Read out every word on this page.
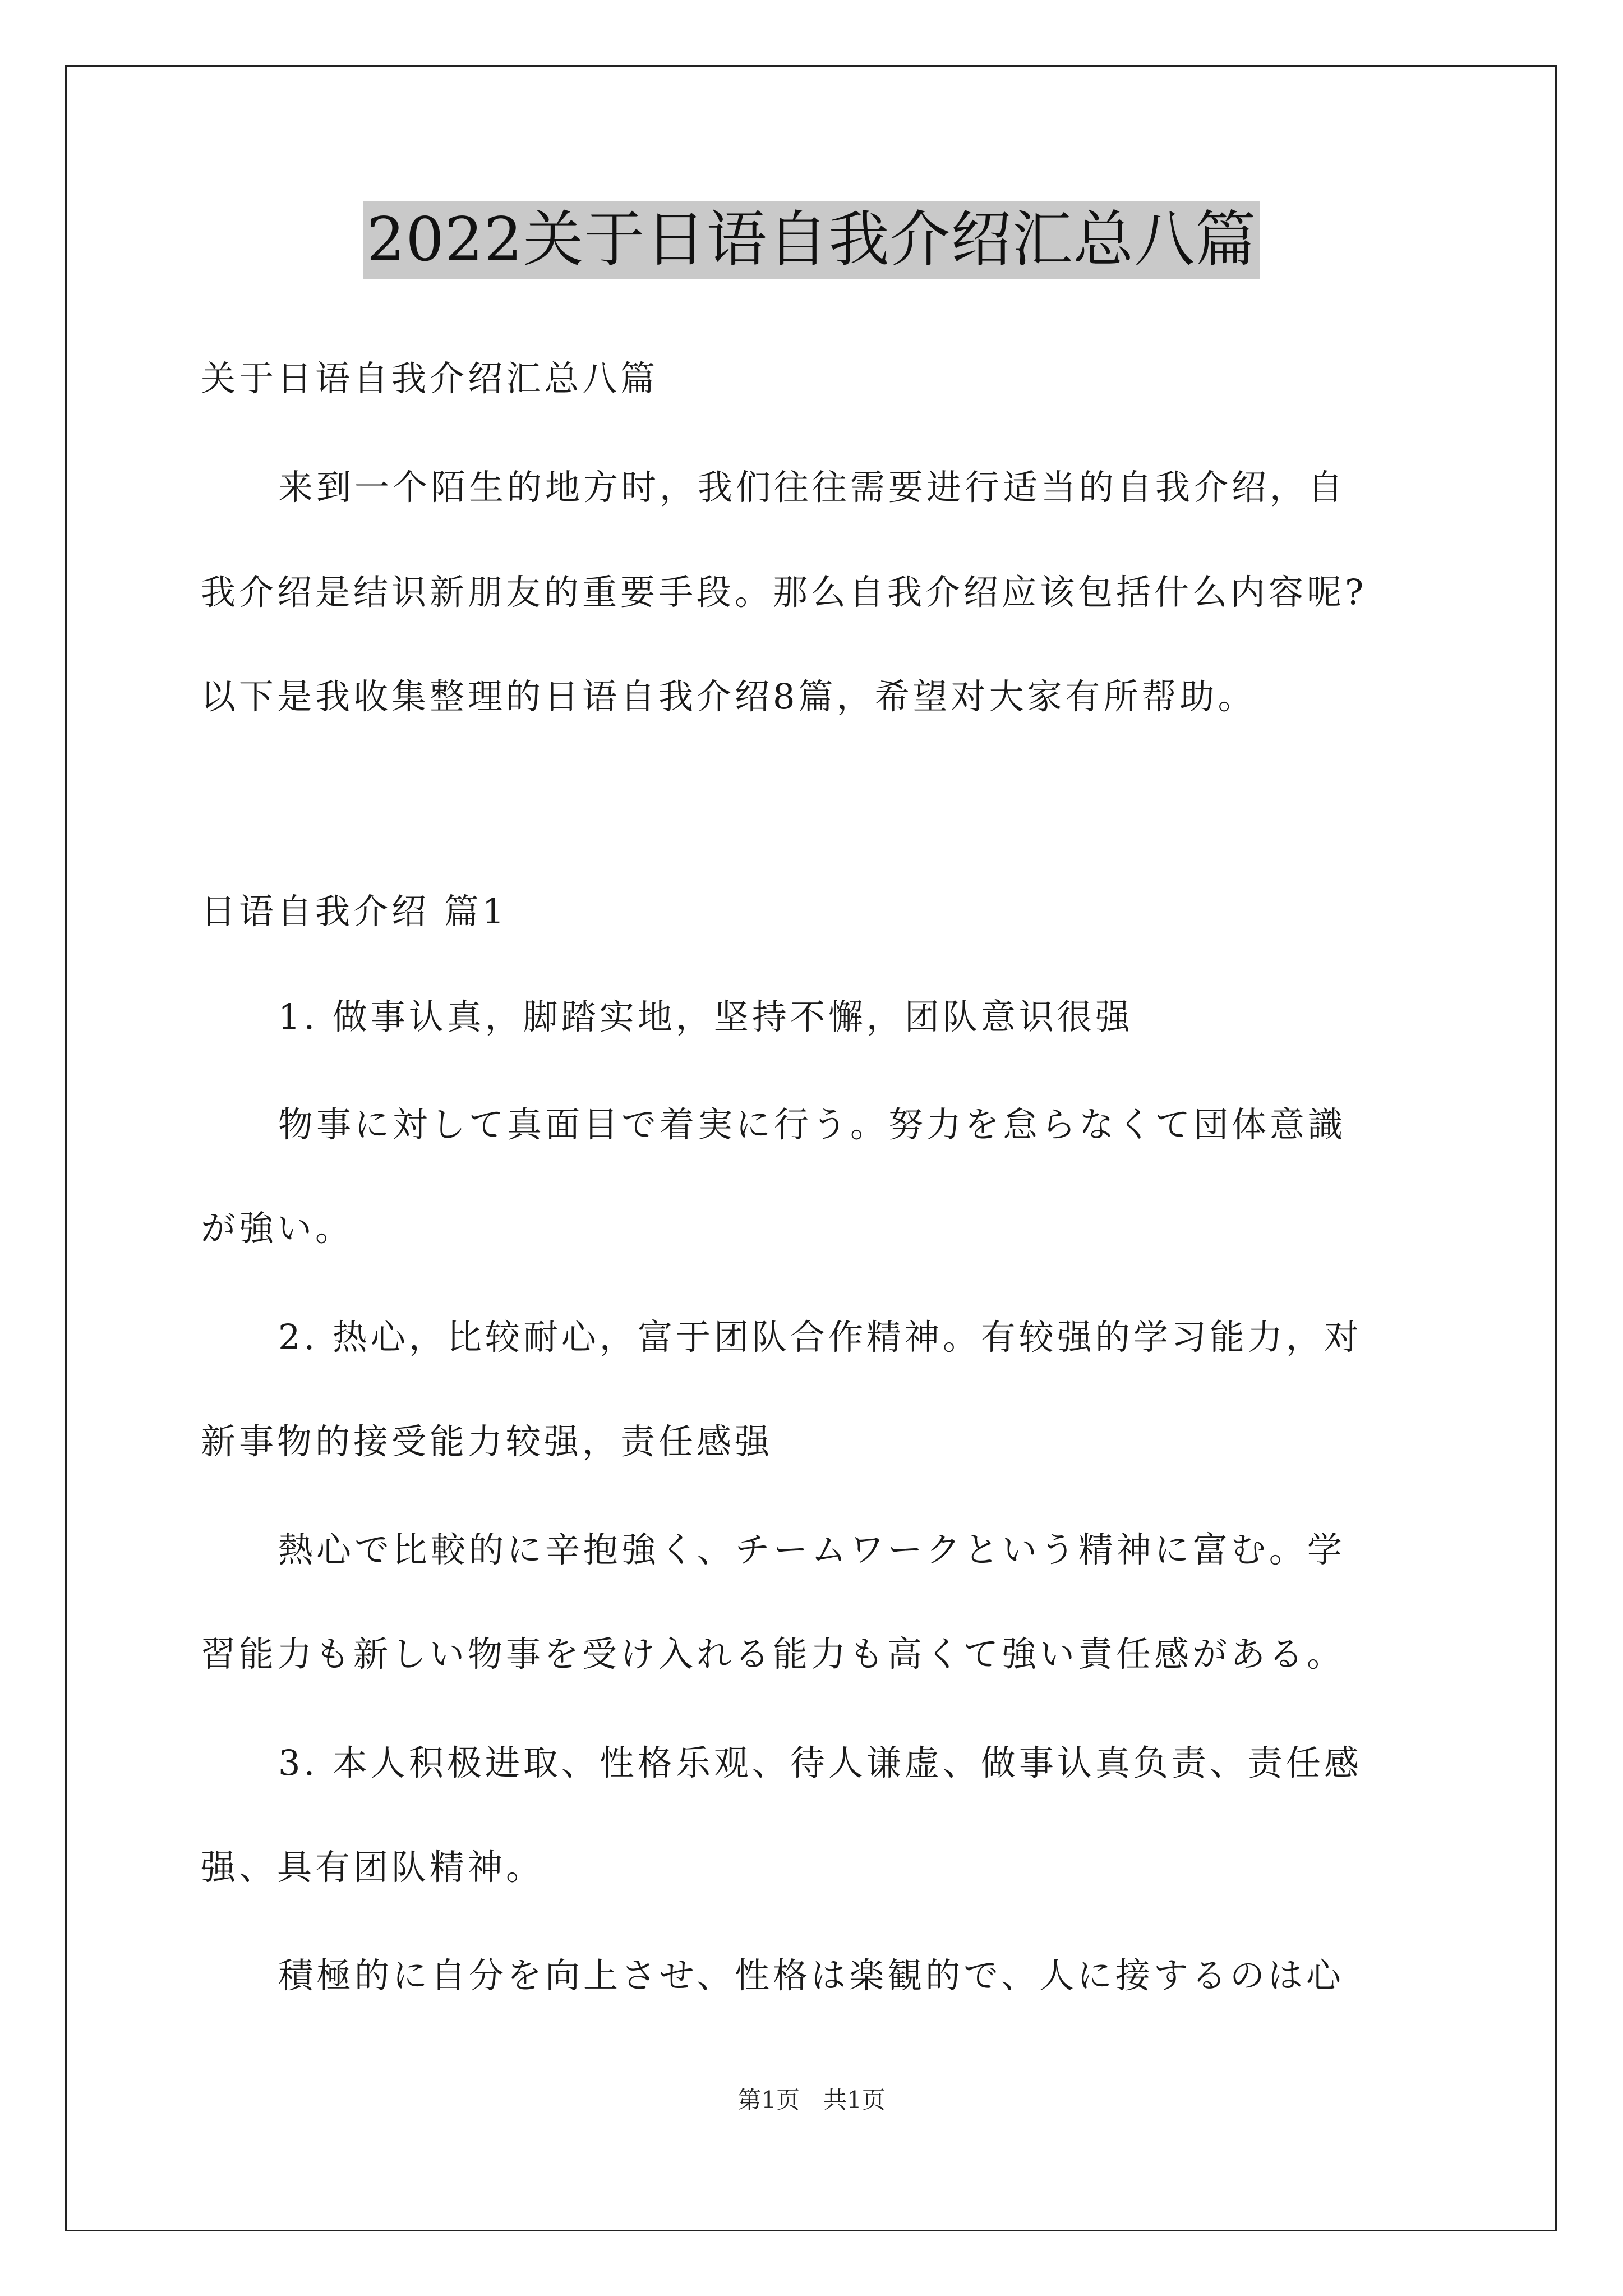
2022关于日语自我介绍汇总八篇
关于日语自我介绍汇总八篇
来到一个陌生的地方时，我们往往需要进行适当的自我介绍，自
我介绍是结识新朋友的重要手段。那么自我介绍应该包括什么内容呢?
以下是我收集整理的日语自我介绍8篇，希望对大家有所帮助。
日语自我介绍 篇1
1. 做事认真，脚踏实地，坚持不懈，团队意识很强
物事に対して真面目で着実に行う。努力を怠らなくて団体意識
が強い。
2. 热心，比较耐心，富于团队合作精神。有较强的学习能力，对
新事物的接受能力较强，责任感强
熱心で比較的に辛抱強く、チームワークという精神に富む。学
習能力も新しい物事を受け入れる能力も高くて強い責任感がある。
3. 本人积极进取、性格乐观、待人谦虚、做事认真负责、责任感
强、具有团队精神。
積極的に自分を向上させ、性格は楽観的で、人に接するのは心
第1页　共1页
